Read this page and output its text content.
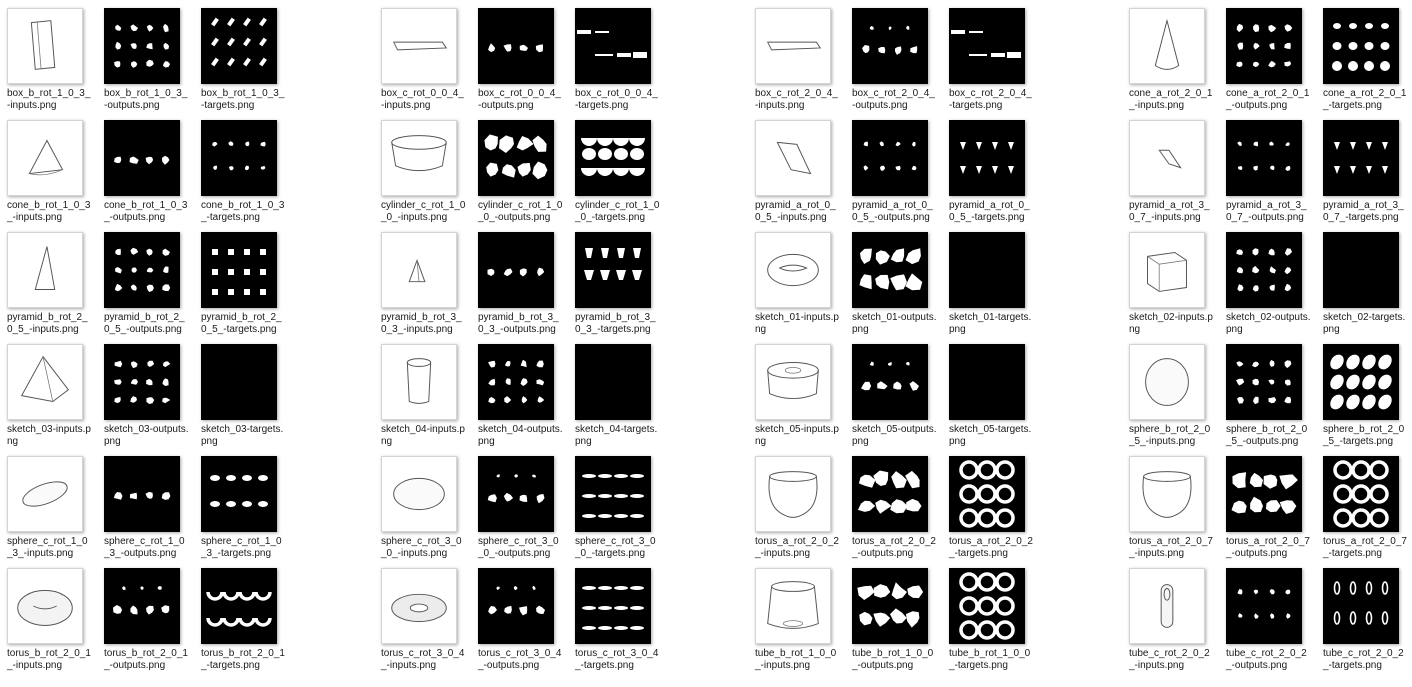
box_b_rot_1_0_3_-inputs.png
box_b_rot_1_0_3_-outputs.png
box_b_rot_1_0_3_-targets.png
box_c_rot_0_0_4_-inputs.png
box_c_rot_0_0_4_-outputs.png
box_c_rot_0_0_4_-targets.png
box_c_rot_2_0_4_-inputs.png
box_c_rot_2_0_4_-outputs.png
box_c_rot_2_0_4_-targets.png
cone_a_rot_2_0_1_-inputs.png
cone_a_rot_2_0_1_-outputs.png
cone_a_rot_2_0_1_-targets.png
cone_b_rot_1_0_3_-inputs.png
cone_b_rot_1_0_3_-outputs.png
cone_b_rot_1_0_3_-targets.png
cylinder_c_rot_1_0_0_-inputs.png
cylinder_c_rot_1_0_0_-outputs.png
cylinder_c_rot_1_0_0_-targets.png
pyramid_a_rot_0_0_5_-inputs.png
pyramid_a_rot_0_0_5_-outputs.png
pyramid_a_rot_0_0_5_-targets.png
pyramid_a_rot_3_0_7_-inputs.png
pyramid_a_rot_3_0_7_-outputs.png
pyramid_a_rot_3_0_7_-targets.png
pyramid_b_rot_2_0_5_-inputs.png
pyramid_b_rot_2_0_5_-outputs.png
pyramid_b_rot_2_0_5_-targets.png
pyramid_b_rot_3_0_3_-inputs.png
pyramid_b_rot_3_0_3_-outputs.png
pyramid_b_rot_3_0_3_-targets.png
sketch_01-inputs.png
sketch_01-outputs.png
sketch_01-targets.png
sketch_02-inputs.png
sketch_02-outputs.png
sketch_02-targets.png
sketch_03-inputs.png
sketch_03-outputs.png
sketch_03-targets.png
sketch_04-inputs.png
sketch_04-outputs.png
sketch_04-targets.png
sketch_05-inputs.png
sketch_05-outputs.png
sketch_05-targets.png
sphere_b_rot_2_0_5_-inputs.png
sphere_b_rot_2_0_5_-outputs.png
sphere_b_rot_2_0_5_-targets.png
sphere_c_rot_1_0_3_-inputs.png
sphere_c_rot_1_0_3_-outputs.png
sphere_c_rot_1_0_3_-targets.png
sphere_c_rot_3_0_0_-inputs.png
sphere_c_rot_3_0_0_-outputs.png
sphere_c_rot_3_0_0_-targets.png
torus_a_rot_2_0_2_-inputs.png
torus_a_rot_2_0_2_-outputs.png
torus_a_rot_2_0_2_-targets.png
torus_a_rot_2_0_7_-inputs.png
torus_a_rot_2_0_7_-outputs.png
torus_a_rot_2_0_7_-targets.png
torus_b_rot_2_0_1_-inputs.png
torus_b_rot_2_0_1_-outputs.png
torus_b_rot_2_0_1_-targets.png
torus_c_rot_3_0_4_-inputs.png
torus_c_rot_3_0_4_-outputs.png
torus_c_rot_3_0_4_-targets.png
tube_b_rot_1_0_0_-inputs.png
tube_b_rot_1_0_0_-outputs.png
tube_b_rot_1_0_0_-targets.png
tube_c_rot_2_0_2_-inputs.png
tube_c_rot_2_0_2_-outputs.png
tube_c_rot_2_0_2_-targets.png
